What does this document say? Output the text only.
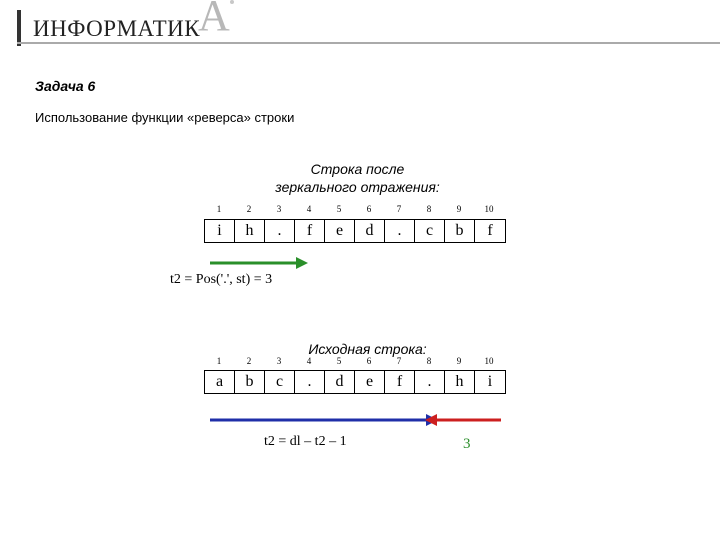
ИНФОРМАТИК
А
Задача 6
Использование функции «реверса» строки
Строка после
зеркального отражения:
1	2	3	4	5	6	7	8	9	10
i	h	.	f	e	d	.	c	b	f
t2 = Pos('.', st) = 3
Исходная строка:
1	2	3	4	5	6	7	8	9	10
a	b	c	.	d	e	f	.	h	i
t2 = dl – t2 – 1	3
